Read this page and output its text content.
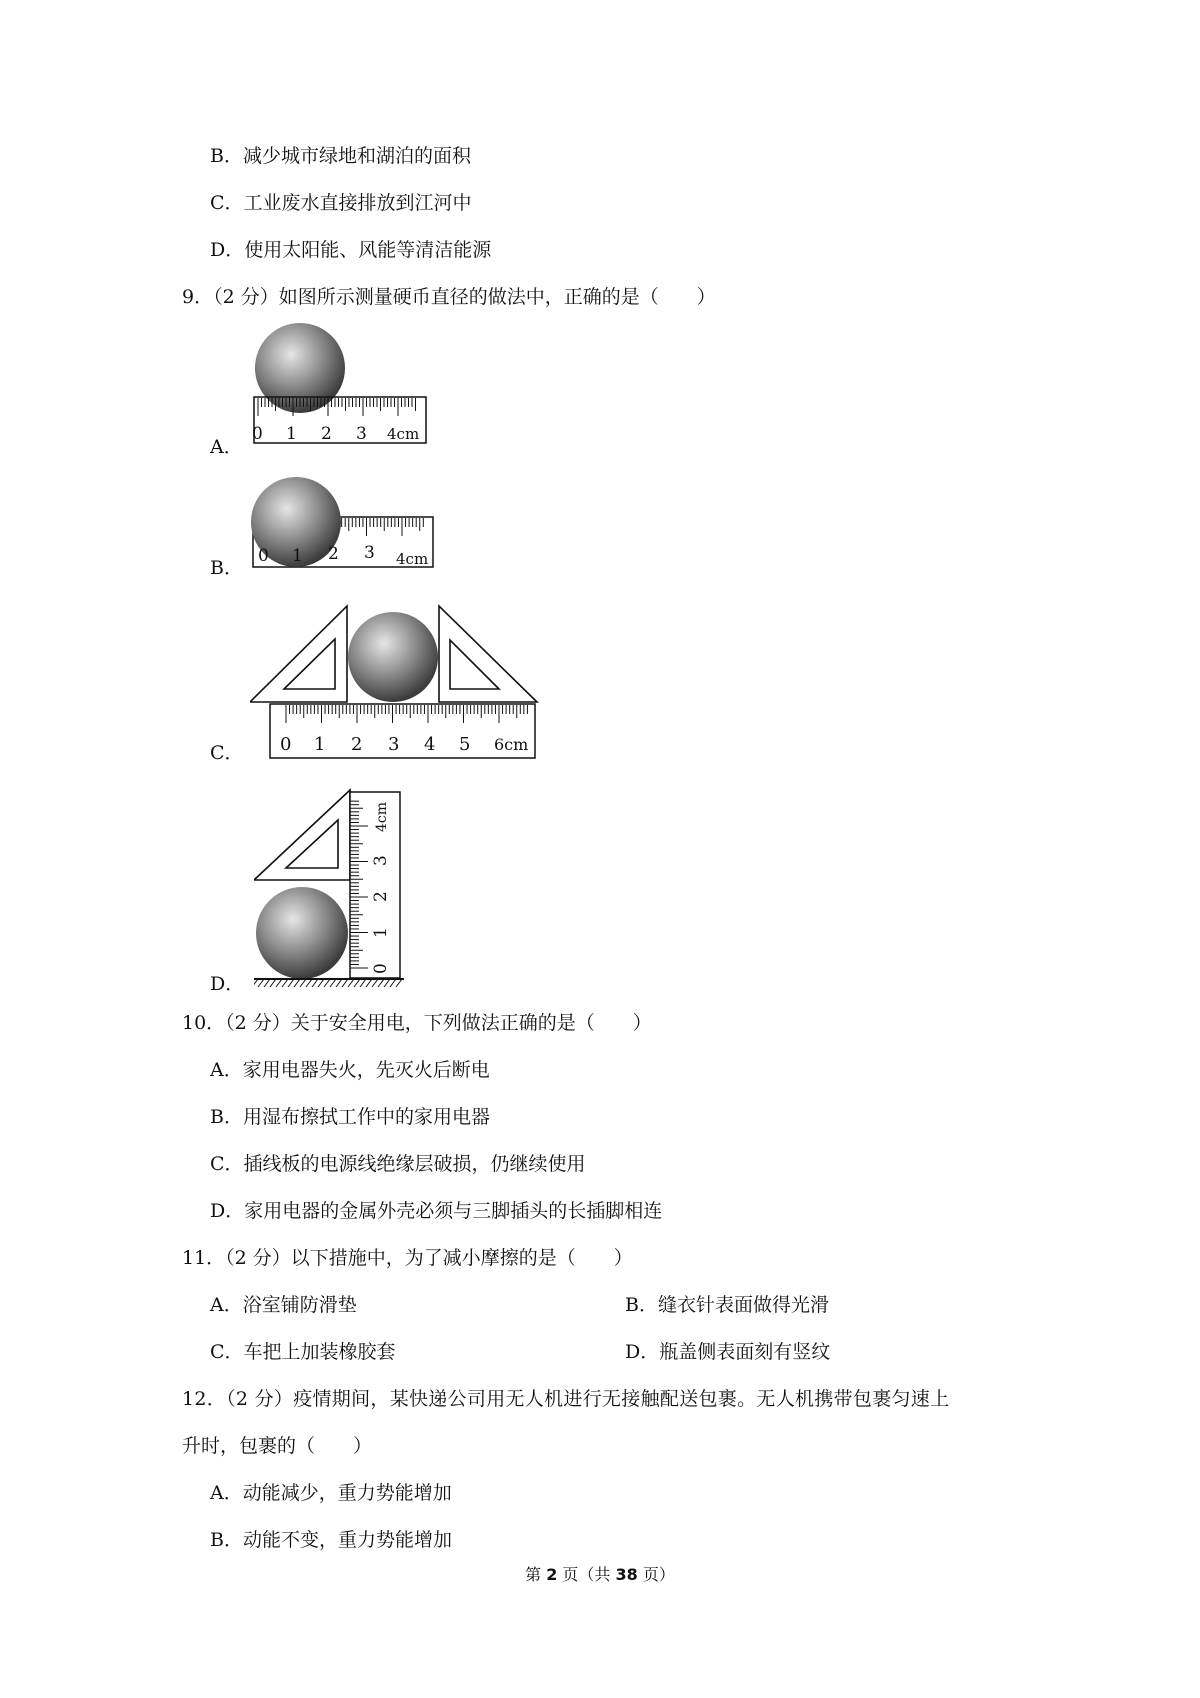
B．减少城市绿地和湖泊的面积
C．工业废水直接排放到江河中
D．使用太阳能、风能等清洁能源
9．（2 分）如图所示测量硬币直径的做法中，正确的是（　　）
A．
0 1 2 3 4cm
B．
0 1 2 3 4cm
C． 0 1 2 3 4 5 6cm
D．
0
1
2
3
4cm
10．（2 分）关于安全用电，下列做法正确的是（　　）
A．家用电器失火，先灭火后断电
B．用湿布擦拭工作中的家用电器
C．插线板的电源线绝缘层破损，仍继续使用
D．家用电器的金属外壳必须与三脚插头的长插脚相连
11．（2 分）以下措施中，为了减小摩擦的是（　　）
A．浴室铺防滑垫	B．缝衣针表面做得光滑
C．车把上加装橡胶套	D．瓶盖侧表面刻有竖纹
12．（2 分）疫情期间，某快递公司用无人机进行无接触配送包裹。无人机携带包裹匀速上
升时，包裹的（　　）
A．动能减少，重力势能增加
B．动能不变，重力势能增加
第 2 页（共 38 页）
